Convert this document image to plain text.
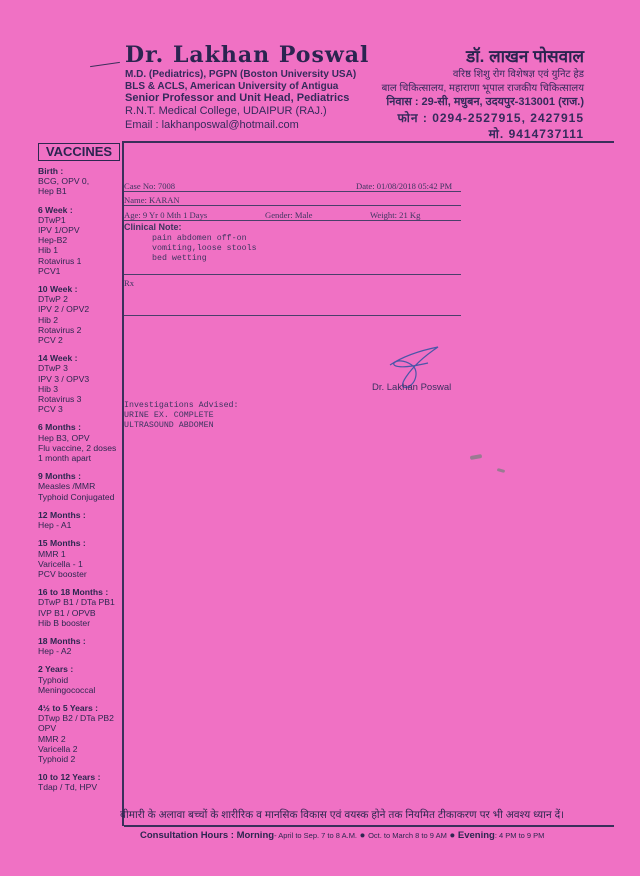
Dr. Lakhan Poswal
M.D. (Pediatrics), PGPN (Boston University USA)
BLS & ACLS, American University of Antigua
Senior Professor and Unit Head, Pediatrics
R.N.T. Medical College, UDAIPUR (RAJ.)
Email : lakhanposwal@hotmail.com
डॉ. लाखन पोसवाल
वरिष्ठ शिशु रोग विशेषज्ञ एवं युनिट हेड
बाल चिकित्सालय, महाराणा भूपाल राजकीय चिकित्सालय
निवास : 29-सी, मधुबन, उदयपुर-313001 (राज.)
फोन : 0294-2527915, 2427915
मो. 9414737111
VACCINES
Birth :
BCG, OPV 0,
Hep B1
6 Week :
DTwP1
IPV 1/OPV
Hep-B2
Hib 1
Rotavirus 1
PCV1
10 Week :
DTwP 2
IPV 2 / OPV2
Hib 2
Rotavirus 2
PCV 2
14 Week :
DTwP 3
IPV 3 / OPV3
Hib 3
Rotavirus 3
PCV 3
6 Months :
Hep B3, OPV
Flu vaccine, 2 doses
1 month apart
9 Months :
Measles /MMR
Typhoid Conjugated
12 Months :
Hep - A1
15 Months :
MMR 1
Varicella - 1
PCV booster
16 to 18 Months :
DTwP B1 / DTa PB1
IVP B1 / OPVB
Hib B booster
18 Months :
Hep - A2
2 Years :
Typhoid
Meningococcal
4½ to 5 Years :
DTwp B2 / DTa PB2
OPV
MMR 2
Varicella 2
Typhoid 2
10 to 12 Years :
Tdap / Td, HPV
Case No: 7008	Date: 01/08/2018 05:42 PM
Name: KARAN
Age: 9 Yr 0 Mth 1 Days	Gender: Male	Weight: 21 Kg
Clinical Note:
pain abdomen off-on
vomiting,loose stools
bed wetting
Rx
Dr. Lakhan Poswal
Investigations Advised:
URINE EX. COMPLETE
ULTRASOUND ABDOMEN
बीमारी के अलावा बच्चों के शारीरिक व मानसिक विकास एवं वयस्क होने तक नियमित टीकाकरण पर भी अवश्य ध्यान दें।
Consultation Hours : Morning- April to Sep. 7 to 8 A.M. ● Oct. to March 8 to 9 AM ● Evening: 4 PM to 9 PM
